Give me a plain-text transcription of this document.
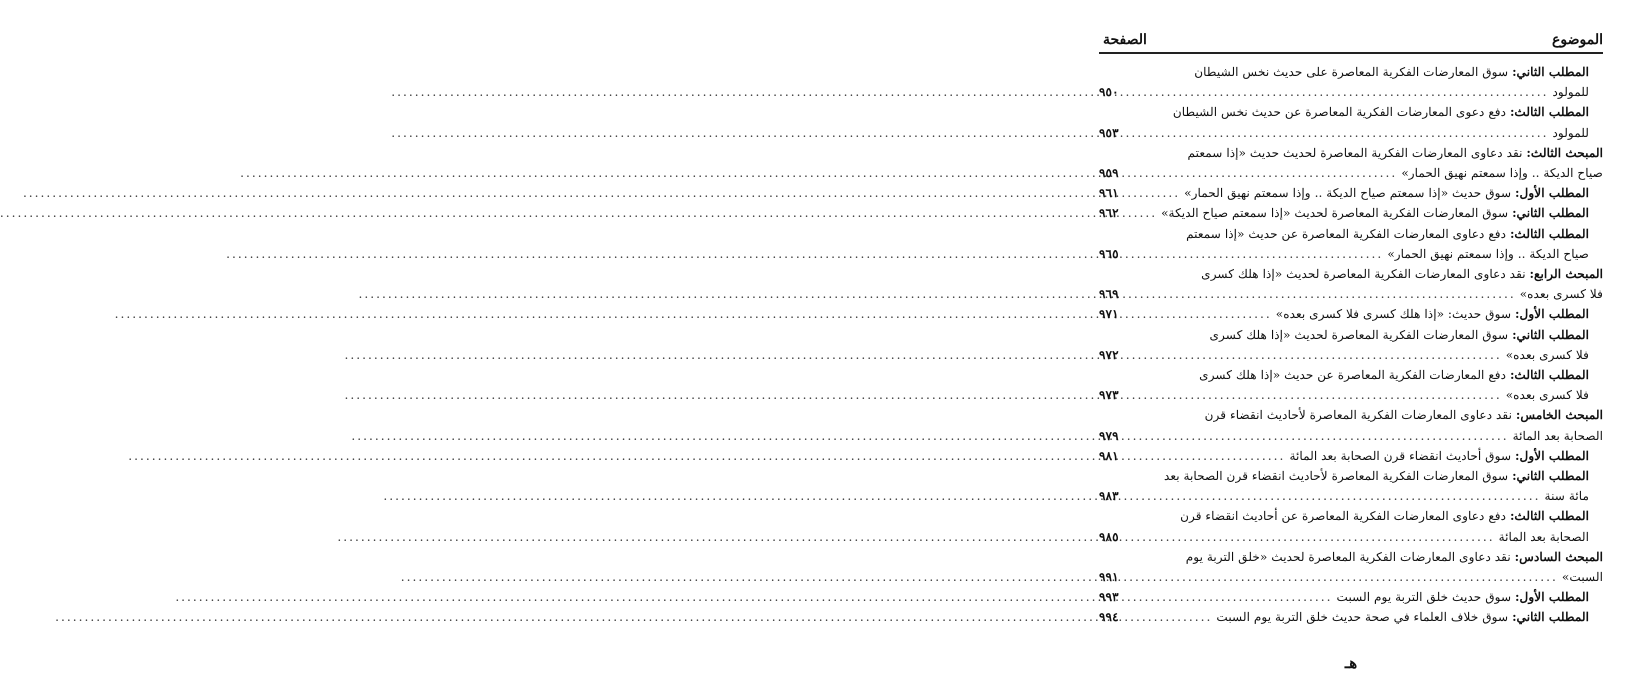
الموضوع
الصفحة
المطلب الثاني:

سوق المعارضات الفكرية المعاصرة على حديث نخس الشيطان
للمولود
.....
٩٥٠
المطلب الثالث:

دفع دعوى المعارضات الفكرية المعاصرة عن حديث نخس الشيطان
للمولود
.....
٩٥٣
المبحث الثالث:

نقد دعاوى المعارضات الفكرية المعاصرة لحديث حديث «إذا سمعتم
صياح الديكة .. وإذا سمعتم نهيق الحمار»
.....
٩٥٩
المطلب الأول:

سوق حديث «إذا سمعتم صياح الديكة .. وإذا سمعتم نهيق الحمار»
.....
٩٦١
المطلب الثاني:

سوق المعارضات الفكرية المعاصرة لحديث «إذا سمعتم صياح الديكة»
.....
٩٦٢
المطلب الثالث:

دفع دعاوى المعارضات الفكرية المعاصرة عن حديث «إذا سمعتم
صياح الديكة .. وإذا سمعتم نهيق الحمار»
.....
٩٦٥
المبحث الرابع:

نقد دعاوى المعارضات الفكرية المعاصرة لحديث «إذا هلك كسرى
فلا كسرى بعده»
.....
٩٦٩
المطلب الأول:

سوق حديث: «إذا هلك كسرى فلا كسرى بعده»
.....
٩٧١
المطلب الثاني:

سوق المعارضات الفكرية المعاصرة لحديث «إذا هلك كسرى
فلا كسرى بعده»
.....
٩٧٢
المطلب الثالث:

دفع المعارضات الفكرية المعاصرة عن حديث «إذا هلك كسرى
فلا كسرى بعده»
.....
٩٧٣
المبحث الخامس:

نقد دعاوى المعارضات الفكرية المعاصرة لأحاديث انقضاء قرن
الصحابة بعد المائة
.....
٩٧٩
المطلب الأول:

سوق أحاديث انقضاء قرن الصحابة بعد المائة
.....
٩٨١
المطلب الثاني:

سوق المعارضات الفكرية المعاصرة لأحاديث انقضاء قرن الصحابة بعد
مائة سنة
.....
٩٨٣
المطلب الثالث:

دفع دعاوى المعارضات الفكرية المعاصرة عن أحاديث انقضاء قرن
الصحابة بعد المائة
.....
٩٨٥
المبحث السادس:

نقد دعاوى المعارضات الفكرية المعاصرة لحديث «خلق التربة يوم
السبت»
.....
٩٩١
المطلب الأول:

سوق حديث خلق التربة يوم السبت
.....
٩٩٣
المطلب الثاني:

سوق خلاف العلماء في صحة حديث خلق التربة يوم السبت
.....
٩٩٤
هـ
